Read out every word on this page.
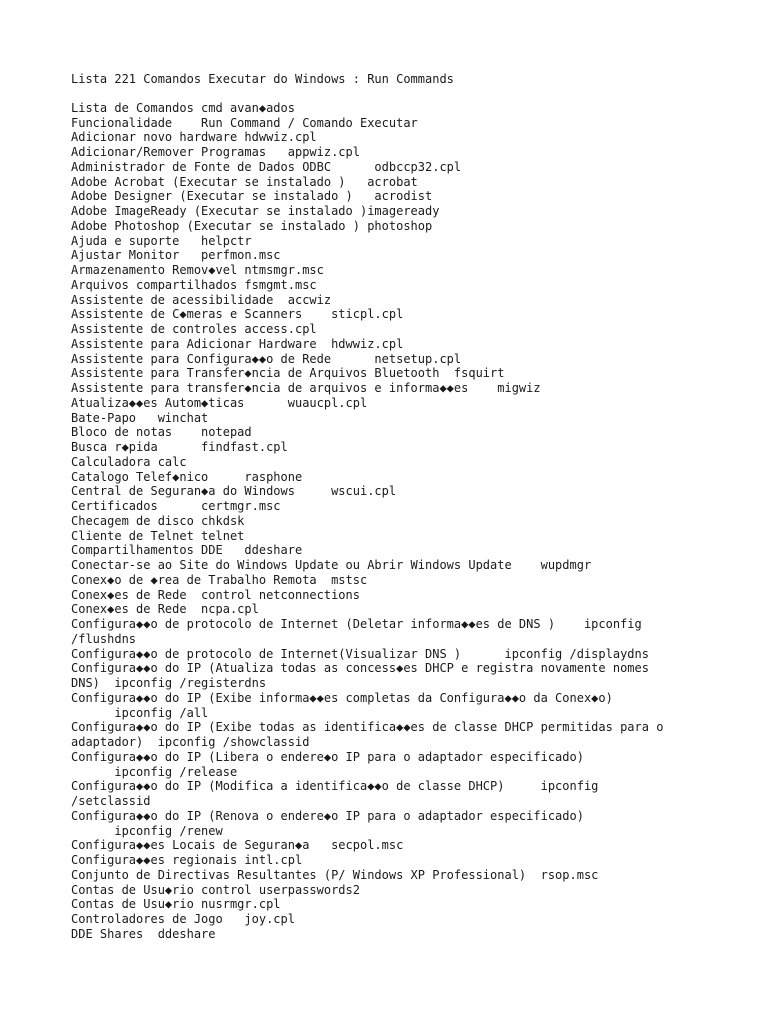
Lista 221 Comandos Executar do Windows : Run Commands
Lista de Comandos cmd avan◆ados
Funcionalidade    Run Command / Comando Executar
Adicionar novo hardware hdwwiz.cpl
Adicionar/Remover Programas   appwiz.cpl
Administrador de Fonte de Dados ODBC      odbccp32.cpl
Adobe Acrobat (Executar se instalado )   acrobat
Adobe Designer (Executar se instalado )   acrodist
Adobe ImageReady (Executar se instalado )imageready
Adobe Photoshop (Executar se instalado ) photoshop
Ajuda e suporte   helpctr
Ajustar Monitor   perfmon.msc
Armazenamento Remov◆vel ntmsmgr.msc
Arquivos compartilhados fsmgmt.msc
Assistente de acessibilidade  accwiz
Assistente de C◆meras e Scanners    sticpl.cpl
Assistente de controles access.cpl
Assistente para Adicionar Hardware  hdwwiz.cpl
Assistente para Configura◆◆o de Rede      netsetup.cpl
Assistente para Transfer◆ncia de Arquivos Bluetooth  fsquirt
Assistente para transfer◆ncia de arquivos e informa◆◆es    migwiz
Atualiza◆◆es Autom◆ticas      wuaucpl.cpl
Bate-Papo   winchat
Bloco de notas    notepad
Busca r◆pida      findfast.cpl
Calculadora calc
Catalogo Telef◆nico     rasphone
Central de Seguran◆a do Windows     wscui.cpl
Certificados      certmgr.msc
Checagem de disco chkdsk
Cliente de Telnet telnet
Compartilhamentos DDE   ddeshare
Conectar-se ao Site do Windows Update ou Abrir Windows Update    wupdmgr
Conex◆o de ◆rea de Trabalho Remota  mstsc
Conex◆es de Rede  control netconnections
Conex◆es de Rede  ncpa.cpl
Configura◆◆o de protocolo de Internet (Deletar informa◆◆es de DNS )    ipconfig
/flushdns
Configura◆◆o de protocolo de Internet(Visualizar DNS )      ipconfig /displaydns
Configura◆◆o do IP (Atualiza todas as concess◆es DHCP e registra novamente nomes
DNS)  ipconfig /registerdns
Configura◆◆o do IP (Exibe informa◆◆es completas da Configura◆◆o da Conex◆o)
ipconfig /all
Configura◆◆o do IP (Exibe todas as identifica◆◆es de classe DHCP permitidas para o
adaptador)  ipconfig /showclassid
Configura◆◆o do IP (Libera o endere◆o IP para o adaptador especificado)
ipconfig /release
Configura◆◆o do IP (Modifica a identifica◆◆o de classe DHCP)     ipconfig
/setclassid
Configura◆◆o do IP (Renova o endere◆o IP para o adaptador especificado)
ipconfig /renew
Configura◆◆es Locais de Seguran◆a   secpol.msc
Configura◆◆es regionais intl.cpl
Conjunto de Directivas Resultantes (P/ Windows XP Professional)  rsop.msc
Contas de Usu◆rio control userpasswords2
Contas de Usu◆rio nusrmgr.cpl
Controladores de Jogo   joy.cpl
DDE Shares  ddeshare
